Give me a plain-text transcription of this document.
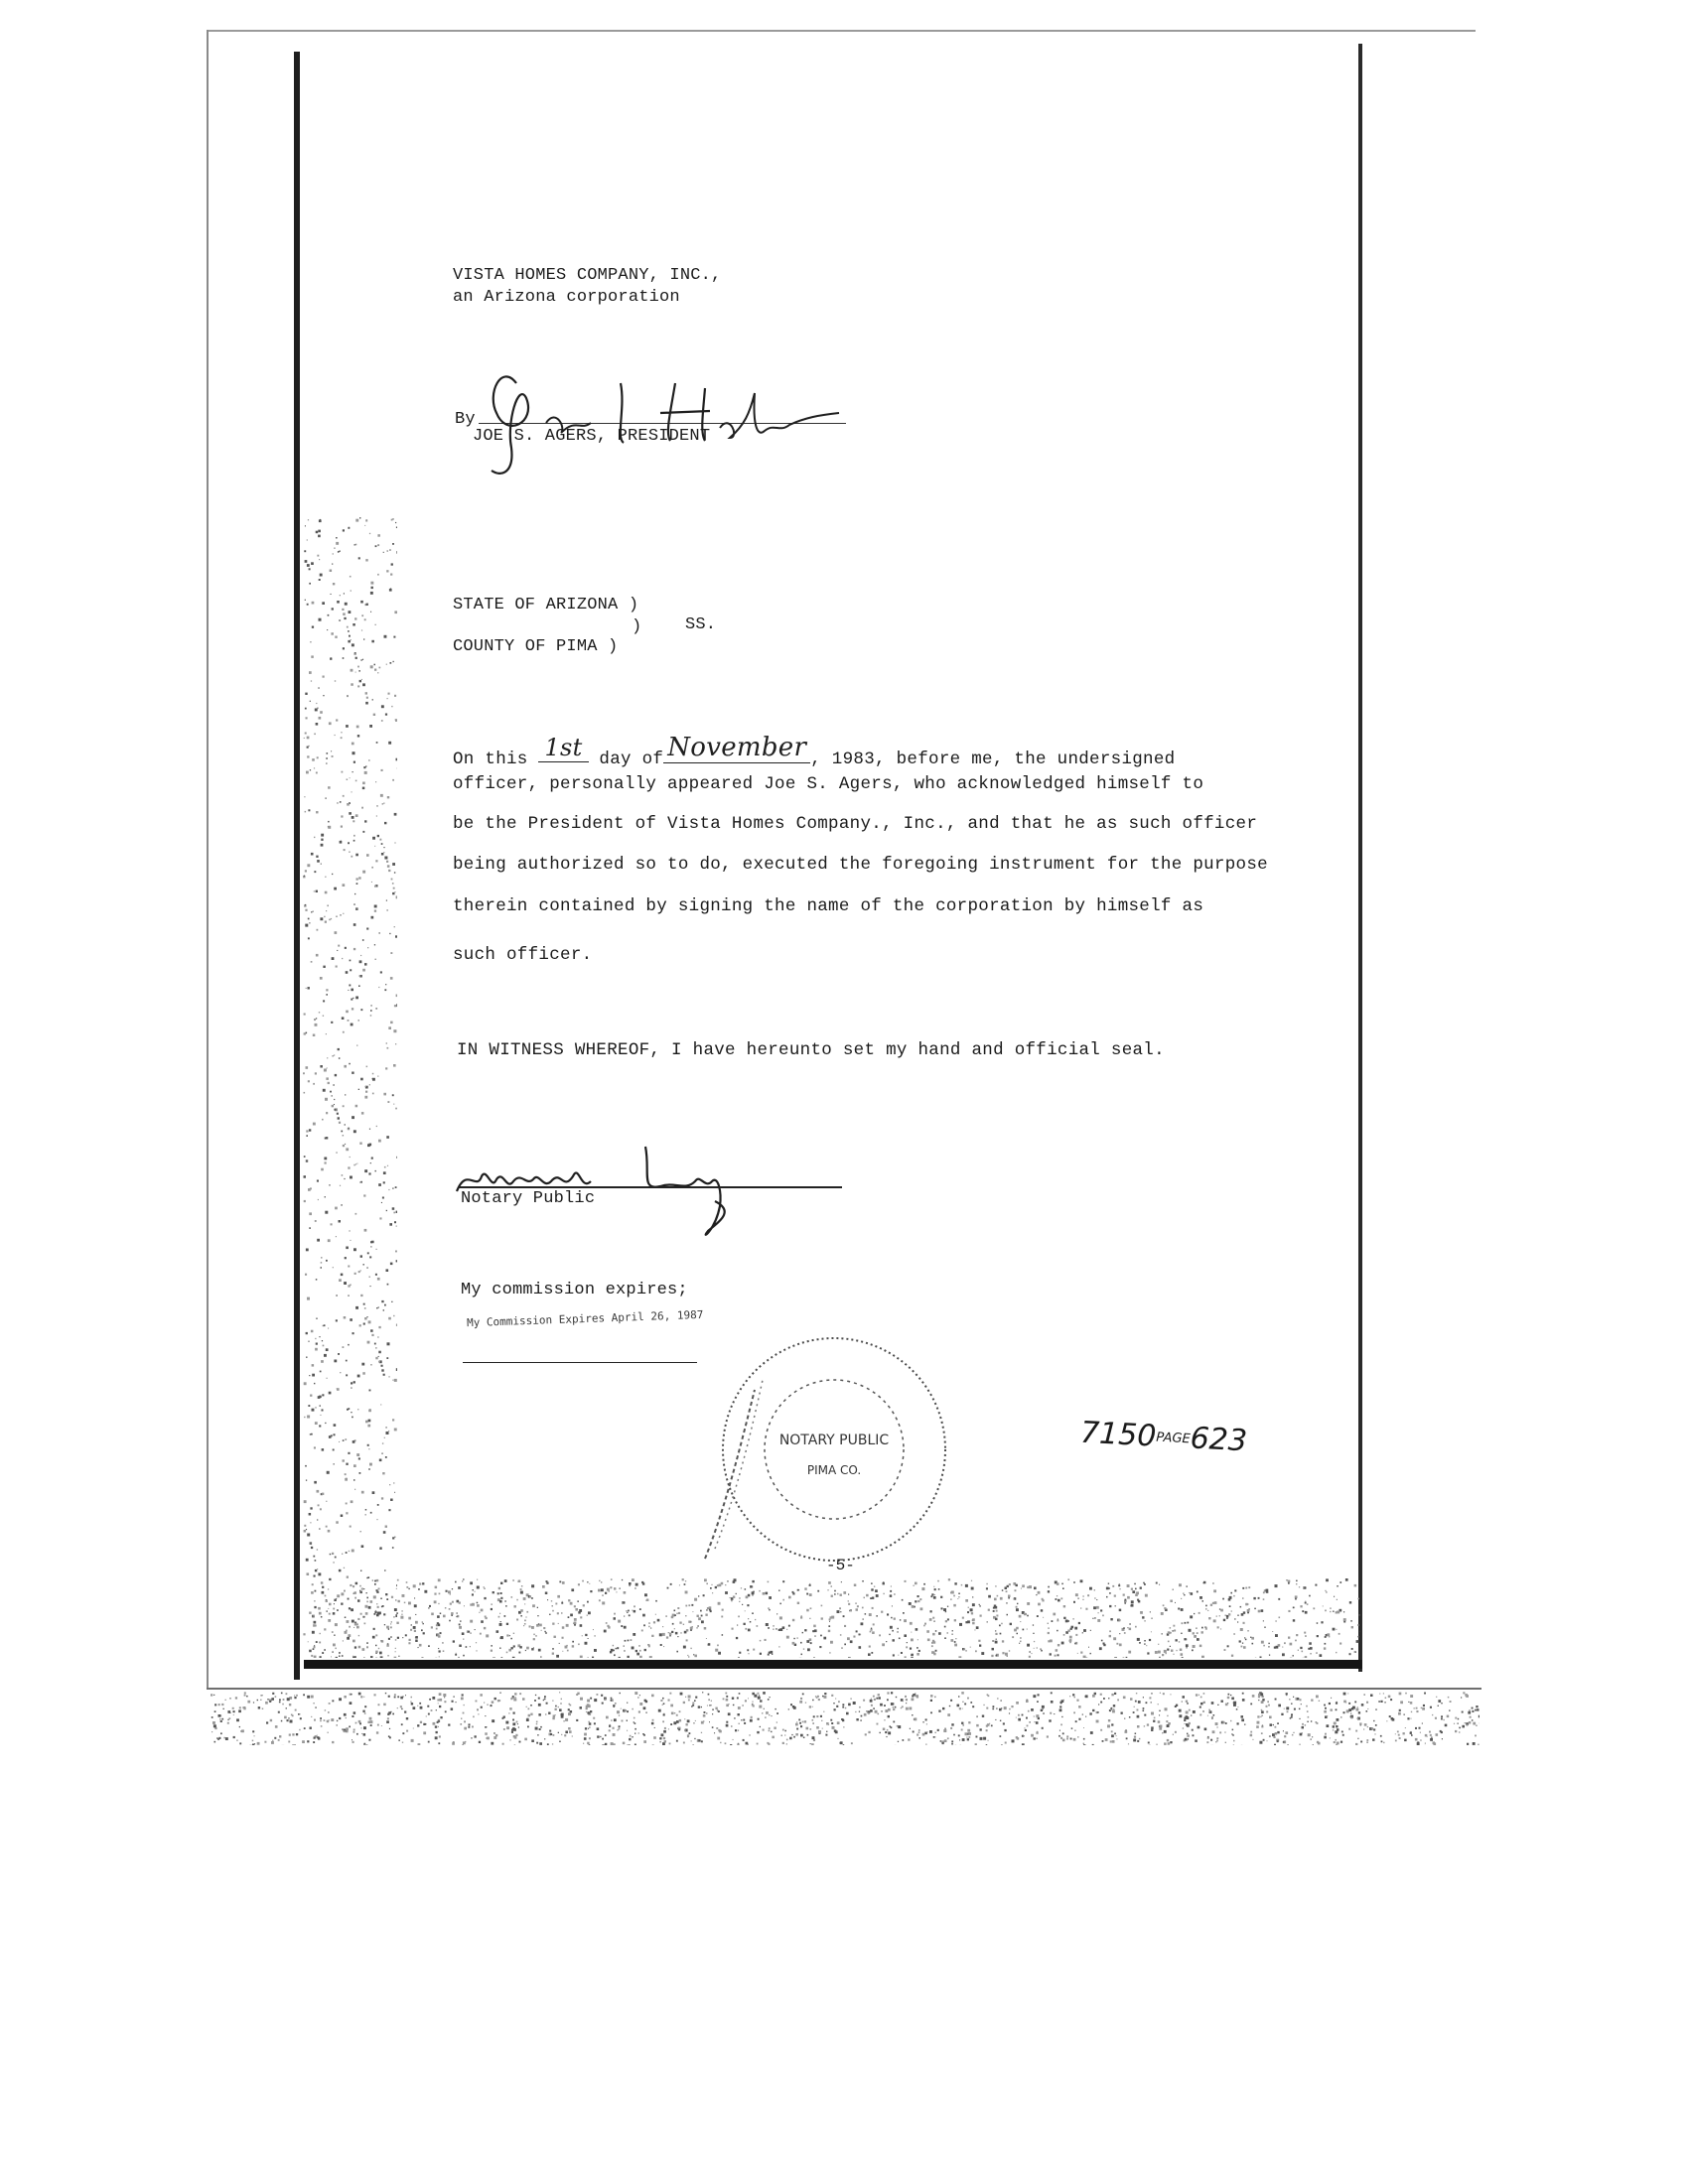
VISTA HOMES COMPANY, INC.,
an Arizona corporation
By
JOE S. AGERS, PRESIDENT
STATE OF ARIZONA )
)	SS.
COUNTY OF PIMA )
On this 1st day of November , 1983, before me, the undersigned
officer, personally appeared Joe S. Agers, who acknowledged himself to
be the President of Vista Homes Company., Inc., and that he as such officer
being authorized so to do, executed the foregoing instrument for the purpose
therein contained by signing the name of the corporation by himself as
such officer.
IN WITNESS WHEREOF, I have hereunto set my hand and official seal.
Notary Public
My commission expires;
My Commission Expires April 26, 1987
NOTARY PUBLIC
PIMA CO.
7150PAGE623
-5-
